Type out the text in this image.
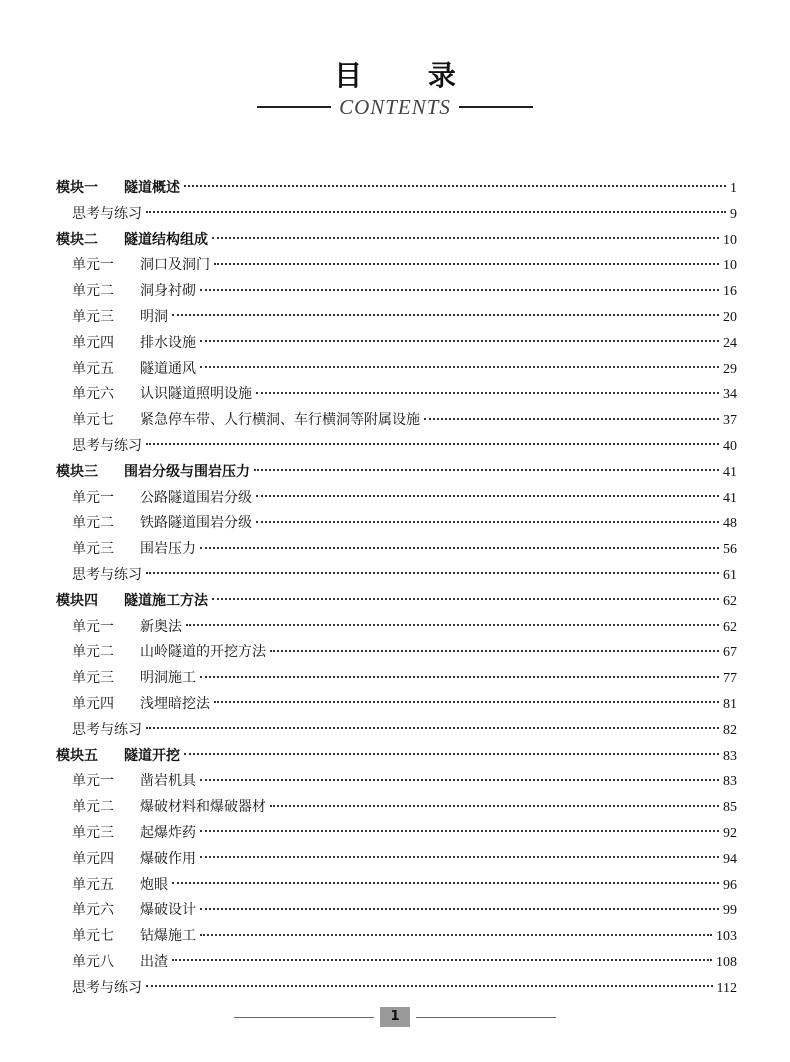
目 录
CONTENTS
模块一	隧道概述	1
思考与练习	9
模块二	隧道结构组成	10
单元一	洞口及洞门	10
单元二	洞身衬砌	16
单元三	明洞	20
单元四	排水设施	24
单元五	隧道通风	29
单元六	认识隧道照明设施	34
单元七	紧急停车带、人行横洞、车行横洞等附属设施	37
思考与练习	40
模块三	围岩分级与围岩压力	41
单元一	公路隧道围岩分级	41
单元二	铁路隧道围岩分级	48
单元三	围岩压力	56
思考与练习	61
模块四	隧道施工方法	62
单元一	新奥法	62
单元二	山岭隧道的开挖方法	67
单元三	明洞施工	77
单元四	浅埋暗挖法	81
思考与练习	82
模块五	隧道开挖	83
单元一	凿岩机具	83
单元二	爆破材料和爆破器材	85
单元三	起爆炸药	92
单元四	爆破作用	94
单元五	炮眼	96
单元六	爆破设计	99
单元七	钻爆施工	103
单元八	出渣	108
思考与练习	112
1
